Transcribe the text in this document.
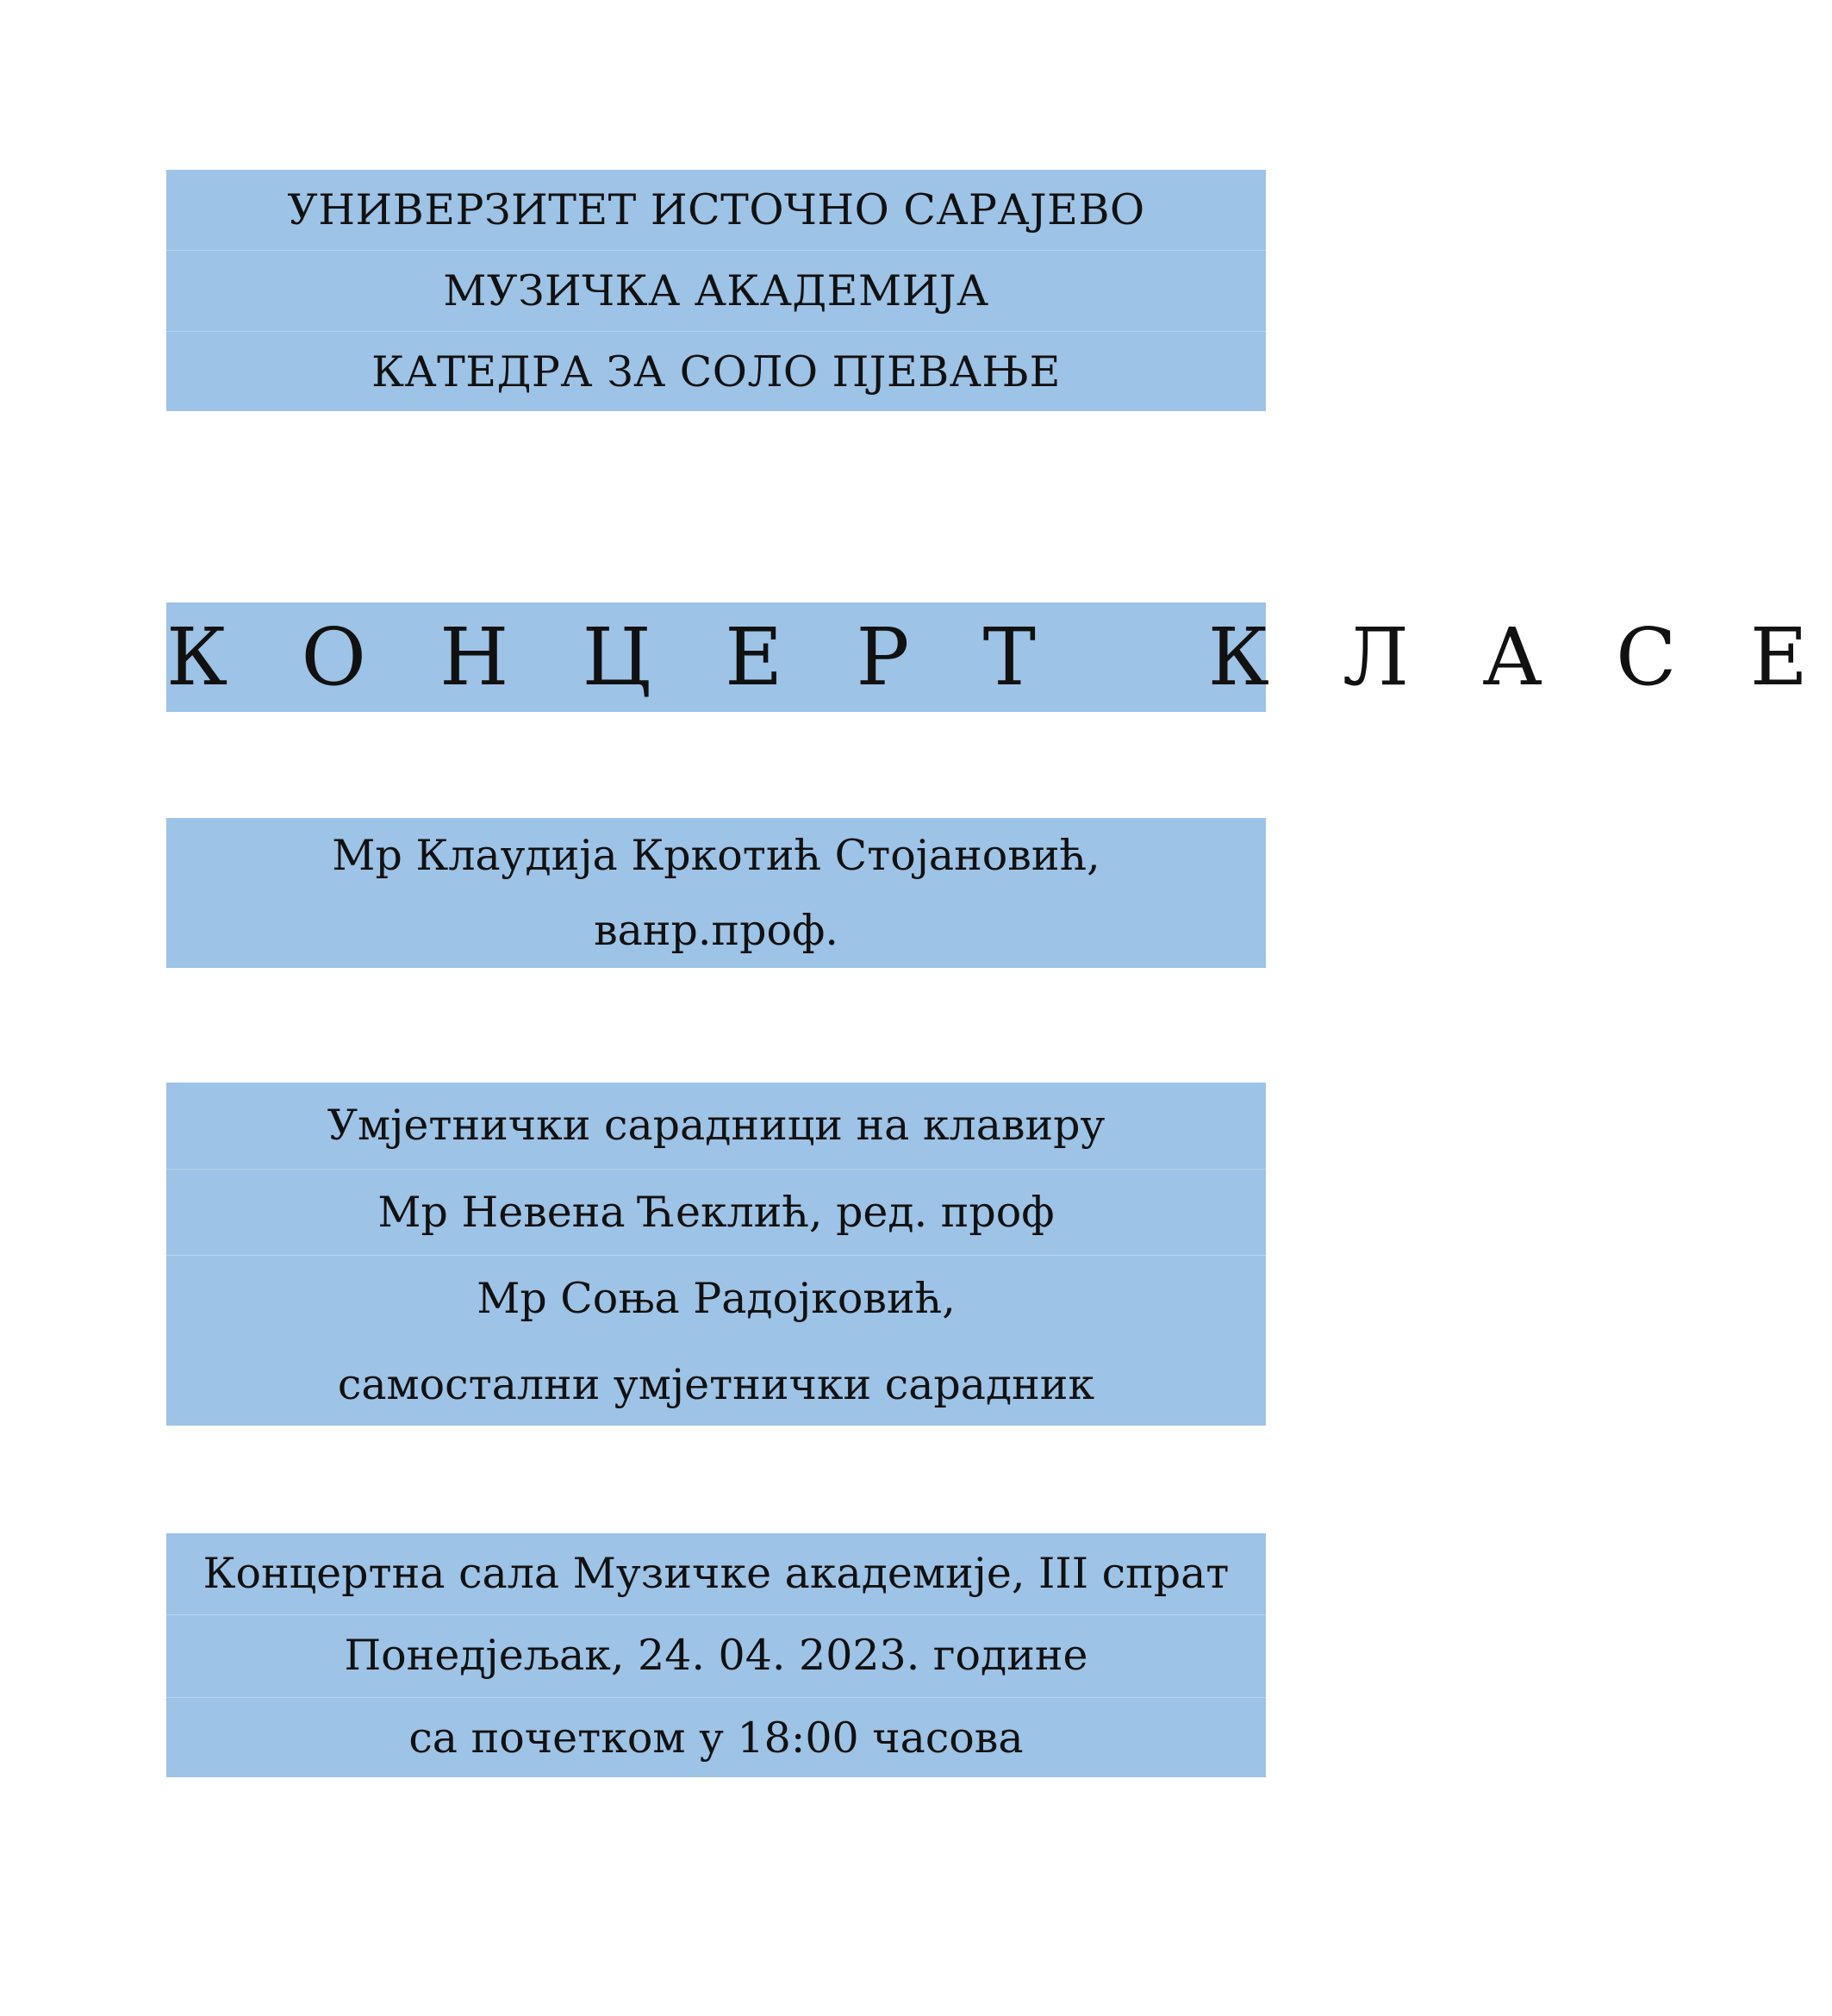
УНИВЕРЗИТЕТ ИСТОЧНО САРАЈЕВО
МУЗИЧКА АКАДЕМИЈА
КАТЕДРА ЗА СОЛО ПЈЕВАЊЕ
К О Н Ц Е Р Т   К Л А С Е
Мр Клаудија Кркотић Стојановић,
ванр.проф.
Умјетнички сарадници на клавиру
Мр Невена Ћеклић, ред. проф
Мр Соња Радојковић,
самостални умјетнички сарадник
Концертна сала Музичке академије, III спрат
Понедјељак, 24. 04. 2023. године
са почетком у 18:00 часова
